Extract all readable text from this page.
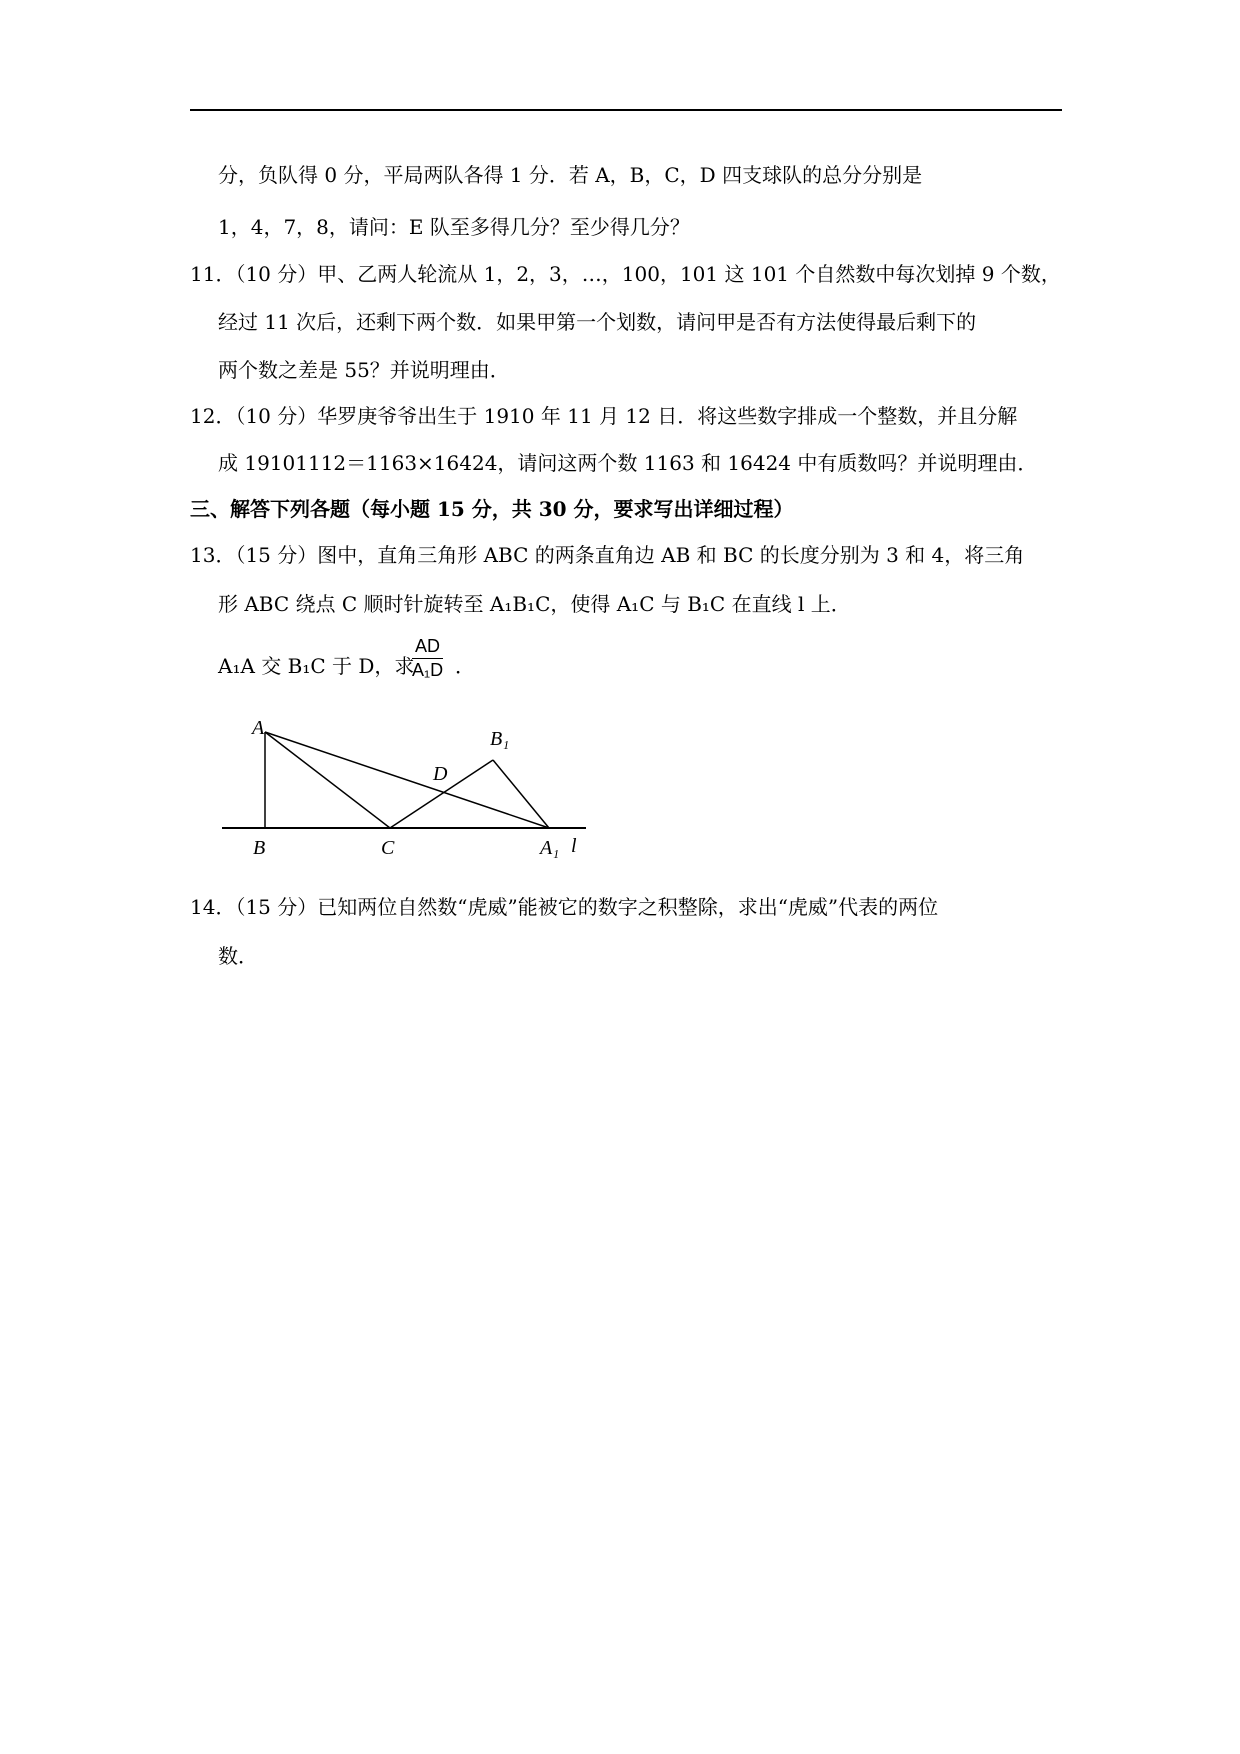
分，负队得 0 分，平局两队各得 1 分．若 A，B，C，D 四支球队的总分分别是
1，4，7，8，请问：E 队至多得几分？至少得几分？
11．（10 分）甲、乙两人轮流从 1，2，3，…，100，101 这 101 个自然数中每次划掉 9 个数，
经过 11 次后，还剩下两个数．如果甲第一个划数，请问甲是否有方法使得最后剩下的
两个数之差是 55？并说明理由．
12．（10 分）华罗庚爷爷出生于 1910 年 11 月 12 日．将这些数字排成一个整数，并且分解
成 19101112＝1163×16424，请问这两个数 1163 和 16424 中有质数吗？并说明理由．
三、解答下列各题（每小题 15 分，共 30 分，要求写出详细过程）
13．（15 分）图中，直角三角形 ABC 的两条直角边 AB 和 BC 的长度分别为 3 和 4，将三角
形 ABC 绕点 C 顺时针旋转至 A₁B₁C，使得 A₁C 与 B₁C 在直线 l 上．
A₁A 交 B₁C 于 D，求
$\frac{AD}{\text{A₁D}}$ ．
A
B	C
D
B₁
A₁ l
14．（15 分）已知两位自然数“虎威”能被它的数字之积整除，求出“虎威”代表的两位
数．
